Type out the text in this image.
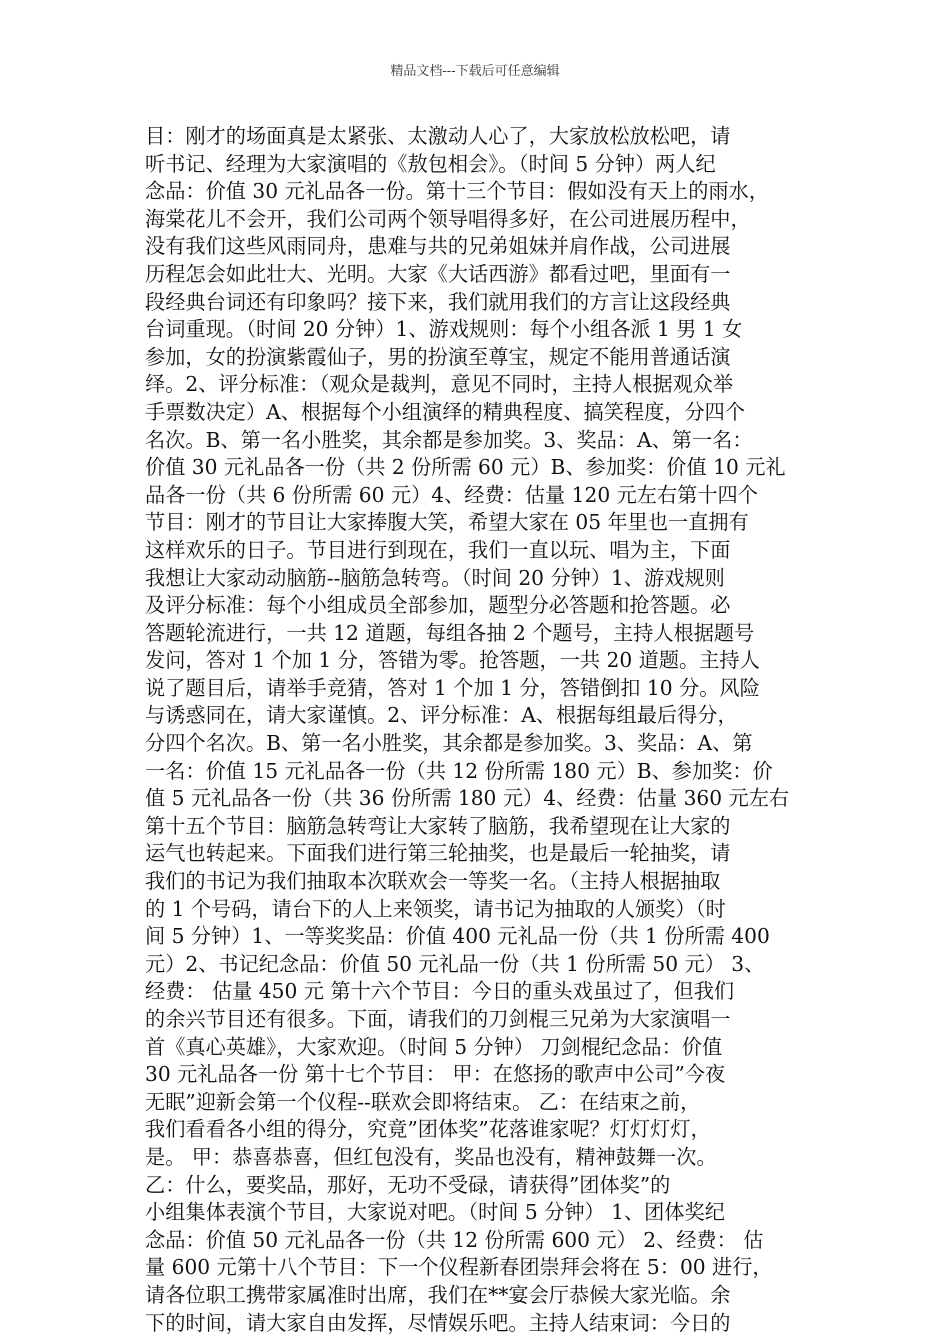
精品文档---下载后可任意编辑
目：刚才的场面真是太紧张、太激动人心了，大家放松放松吧，请
听书记、经理为大家演唱的《敖包相会》。（时间 5 分钟）两人纪
念品：价值 30 元礼品各一份。第十三个节目：假如没有天上的雨水，
海棠花儿不会开，我们公司两个领导唱得多好，在公司进展历程中，
没有我们这些风雨同舟，患难与共的兄弟姐妹并肩作战，公司进展
历程怎会如此壮大、光明。大家《大话西游》都看过吧，里面有一
段经典台词还有印象吗？接下来，我们就用我们的方言让这段经典
台词重现。（时间 20 分钟）1、游戏规则：每个小组各派 1 男 1 女
参加，女的扮演紫霞仙子，男的扮演至尊宝，规定不能用普通话演
绎。2、评分标准：（观众是裁判，意见不同时，主持人根据观众举
手票数决定）A、根据每个小组演绎的精典程度、搞笑程度，分四个
名次。B、第一名小胜奖，其余都是参加奖。3、奖品：A、第一名：
价值 30 元礼品各一份（共 2 份所需 60 元）B、参加奖：价值 10 元礼
品各一份（共 6 份所需 60 元）4、经费：估量 120 元左右第十四个
节目：刚才的节目让大家捧腹大笑，希望大家在 05 年里也一直拥有
这样欢乐的日子。节目进行到现在，我们一直以玩、唱为主，下面
我想让大家动动脑筋--脑筋急转弯。（时间 20 分钟）1、游戏规则
及评分标准：每个小组成员全部参加，题型分必答题和抢答题。必
答题轮流进行，一共 12 道题，每组各抽 2 个题号，主持人根据题号
发问，答对 1 个加 1 分，答错为零。抢答题，一共 20 道题。主持人
说了题目后，请举手竞猜，答对 1 个加 1 分，答错倒扣 10 分。风险
与诱惑同在，请大家谨慎。2、评分标准：A、根据每组最后得分，
分四个名次。B、第一名小胜奖，其余都是参加奖。3、奖品：A、第
一名：价值 15 元礼品各一份（共 12 份所需 180 元）B、参加奖：价
值 5 元礼品各一份（共 36 份所需 180 元）4、经费：估量 360 元左右
第十五个节目：脑筋急转弯让大家转了脑筋，我希望现在让大家的
运气也转起来。下面我们进行第三轮抽奖，也是最后一轮抽奖，请
我们的书记为我们抽取本次联欢会一等奖一名。（主持人根据抽取
的 1 个号码，请台下的人上来领奖，请书记为抽取的人颁奖）（时
间 5 分钟）1、一等奖奖品：价值 400 元礼品一份（共 1 份所需 400
元）2、书记纪念品：价值 50 元礼品一份（共 1 份所需 50 元） 3、
经费： 估量 450 元 第十六个节目：今日的重头戏虽过了，但我们
的余兴节目还有很多。下面，请我们的刀剑棍三兄弟为大家演唱一
首《真心英雄》，大家欢迎。（时间 5 分钟） 刀剑棍纪念品：价值
30 元礼品各一份 第十七个节目： 甲：在悠扬的歌声中公司”今夜
无眠”迎新会第一个仪程--联欢会即将结束。 乙：在结束之前，
我们看看各小组的得分，究竟”团体奖”花落谁家呢？灯灯灯灯，
是。 甲：恭喜恭喜，但红包没有，奖品也没有，精神鼓舞一次。
乙：什么，要奖品，那好，无功不受碌，请获得”团体奖”的
小组集体表演个节目，大家说对吧。（时间 5 分钟） 1、团体奖纪
念品：价值 50 元礼品各一份（共 12 份所需 600 元） 2、经费： 估
量 600 元第十八个节目：下一个仪程新春团崇拜会将在 5：00 进行，
请各位职工携带家属准时出席，我们在**宴会厅恭候大家光临。余
下的时间，请大家自由发挥，尽情娱乐吧。主持人结束词：今日的
